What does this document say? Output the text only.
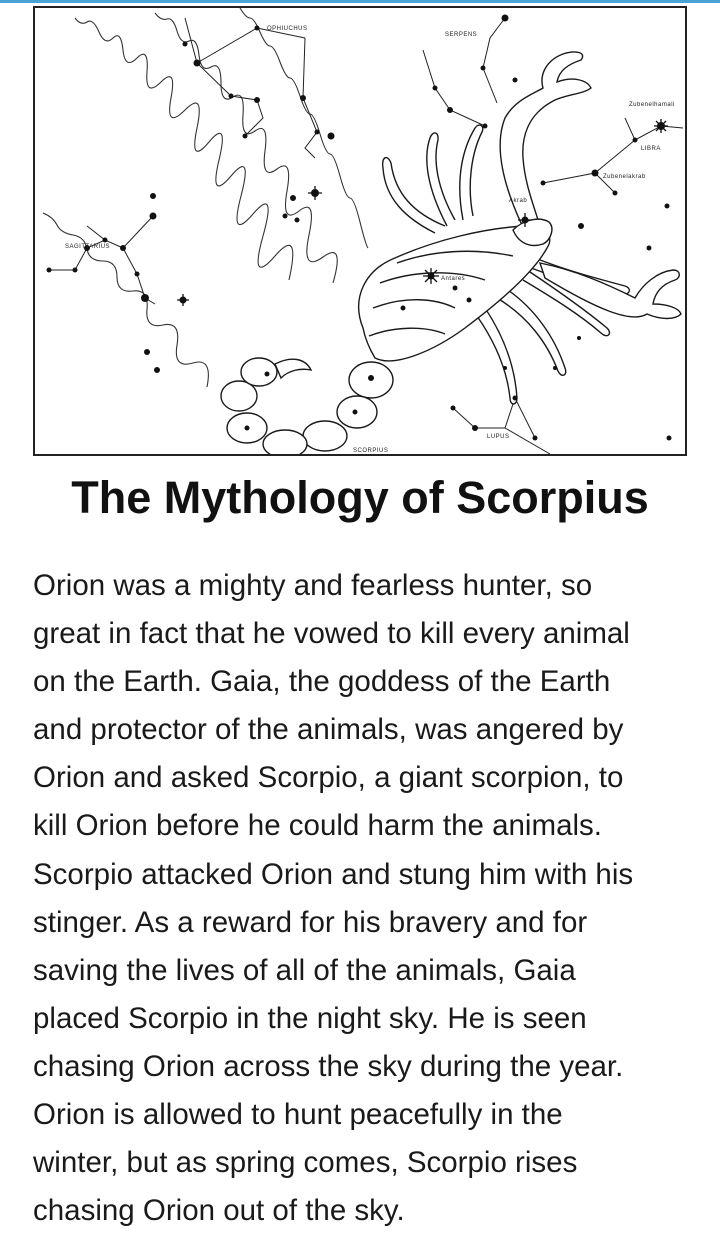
OPHIUCHUS
SERPENS
Zubenelhamali
LIBRA
Zubenelakrab
Akrab
SAGITTARIUS
Antares
LUPUS
SCORPIUS
The Mythology of Scorpius
Orion was a mighty and fearless hunter, so
great in fact that he vowed to kill every animal
on the Earth. Gaia, the goddess of the Earth
and protector of the animals, was angered by
Orion and asked Scorpio, a giant scorpion, to
kill Orion before he could harm the animals.
Scorpio attacked Orion and stung him with his
stinger. As a reward for his bravery and for
saving the lives of all of the animals, Gaia
placed Scorpio in the night sky. He is seen
chasing Orion across the sky during the year.
Orion is allowed to hunt peacefully in the
winter, but as spring comes, Scorpio rises
chasing Orion out of the sky.
